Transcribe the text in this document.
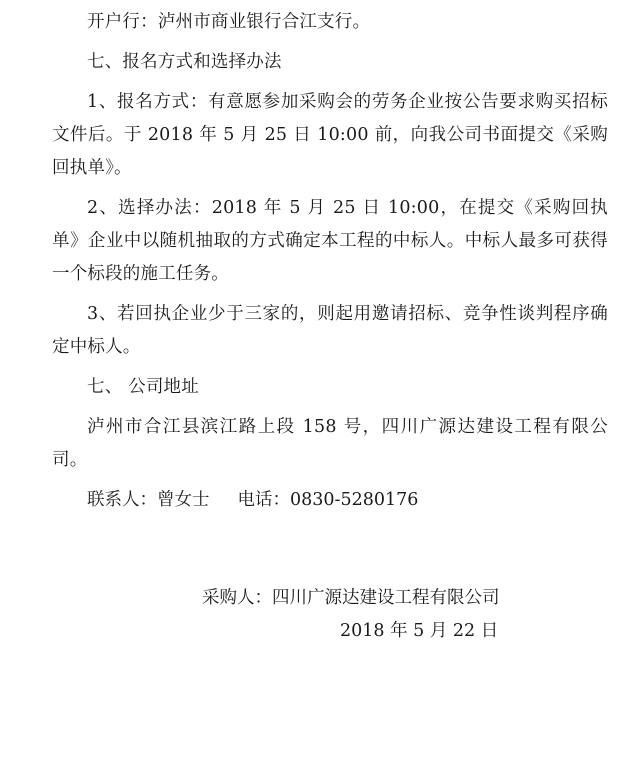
开户行：泸州市商业银行合江支行。

七、报名方式和选择办法

1、报名方式：有意愿参加采购会的劳务企业按公告要求购买招标文件后。于 2018 年 5 月 25 日 10:00 前，向我公司书面提交《采购回执单》。

2、选择办法：2018 年 5 月 25 日 10:00，在提交《采购回执单》企业中以随机抽取的方式确定本工程的中标人。中标人最多可获得一个标段的施工任务。

3、若回执企业少于三家的，则起用邀请招标、竞争性谈判程序确定中标人。

七、 公司地址

泸州市合江县滨江路上段 158 号，四川广源达建设工程有限公司。

联系人：曾女士 电话：0830-5280176

采购人：四川广源达建设工程有限公司

2018 年 5 月 22 日
